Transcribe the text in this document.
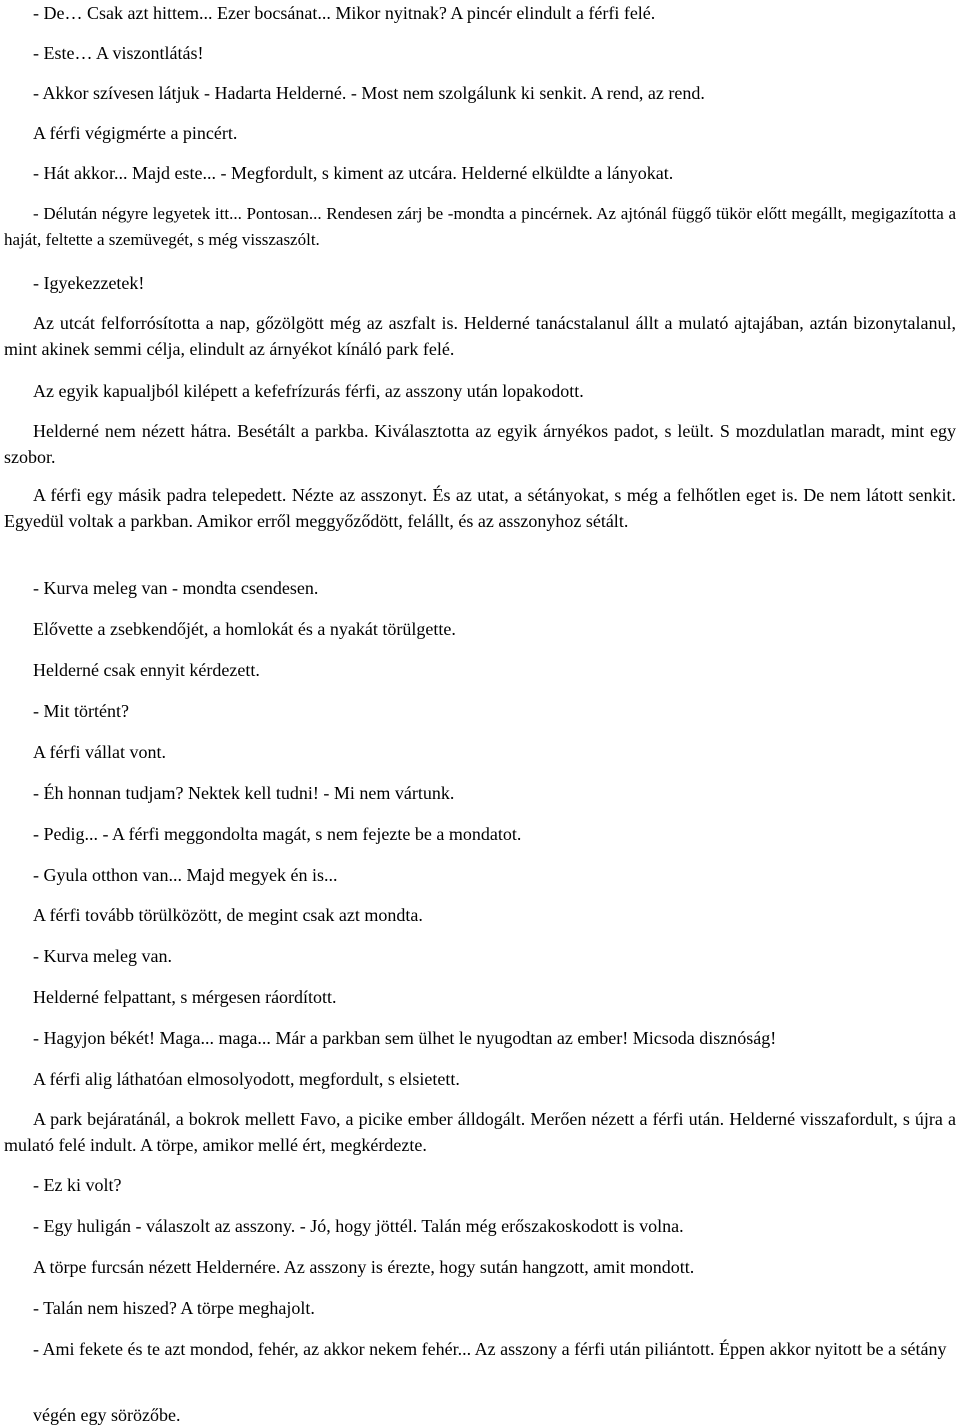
- De… Csak azt hittem... Ezer bocsánat... Mikor nyitnak? A pincér elindult a férfi felé.

- Este… A viszontlátás!

- Akkor szívesen látjuk - Hadarta Helderné. - Most nem szolgálunk ki senkit. A rend, az rend.

A férfi végigmérte a pincért.

- Hát akkor... Majd este... - Megfordult, s kiment az utcára. Helderné elküldte a lányokat.

- Délután négyre legyetek itt... Pontosan... Rendesen zárj be -mondta a pincérnek. Az ajtónál függő tükör előtt megállt, megigazította a haját, feltette a szemüvegét, s még visszaszólt.

- Igyekezzetek!

Az utcát felforrósította a nap, gőzölgött még az aszfalt is. Helderné tanácstalanul állt a mulató ajtajában, aztán bizonytalanul, mint akinek semmi célja, elindult az árnyékot kínáló park felé.

Az egyik kapualjból kilépett a kefefrízurás férfi, az asszony után lopakodott.

Helderné nem nézett hátra. Besétált a parkba. Kiválasztotta az egyik árnyékos padot, s leült. S mozdulatlan maradt, mint egy szobor.

A férfi egy másik padra telepedett. Nézte az asszonyt. És az utat, a sétányokat, s még a felhőtlen eget is. De nem látott senkit. Egyedül voltak a parkban. Amikor erről meggyőződött, felállt, és az asszonyhoz sétált.

- Kurva meleg van - mondta csendesen.

Elővette a zsebkendőjét, a homlokát és a nyakát törülgette.

Helderné csak ennyit kérdezett.

- Mit történt?

A férfi vállat vont.

- Éh honnan tudjam? Nektek kell tudni! - Mi nem vártunk.

- Pedig... - A férfi meggondolta magát, s nem fejezte be a mondatot.

- Gyula otthon van... Majd megyek én is...

A férfi tovább törülközött, de megint csak azt mondta.

- Kurva meleg van.

Helderné felpattant, s mérgesen ráordított.

- Hagyjon békét! Maga... maga... Már a parkban sem ülhet le nyugodtan az ember! Micsoda disznóság!

A férfi alig láthatóan elmosolyodott, megfordult, s elsietett.

A park bejáratánál, a bokrok mellett Favo, a picike ember álldogált. Merően nézett a férfi után. Helderné visszafordult, s újra a mulató felé indult. A törpe, amikor mellé ért, megkérdezte.

- Ez ki volt?

- Egy huligán - válaszolt az asszony. - Jó, hogy jöttél. Talán még erőszakoskodott is volna.

A törpe furcsán nézett Heldernére. Az asszony is érezte, hogy sután hangzott, amit mondott.

- Talán nem hiszed? A törpe meghajolt.

- Ami fekete és te azt mondod, fehér, az akkor nekem fehér... Az asszony a férfi után piliántott. Éppen akkor nyitott be a sétány

végén egy sörözőbe.
